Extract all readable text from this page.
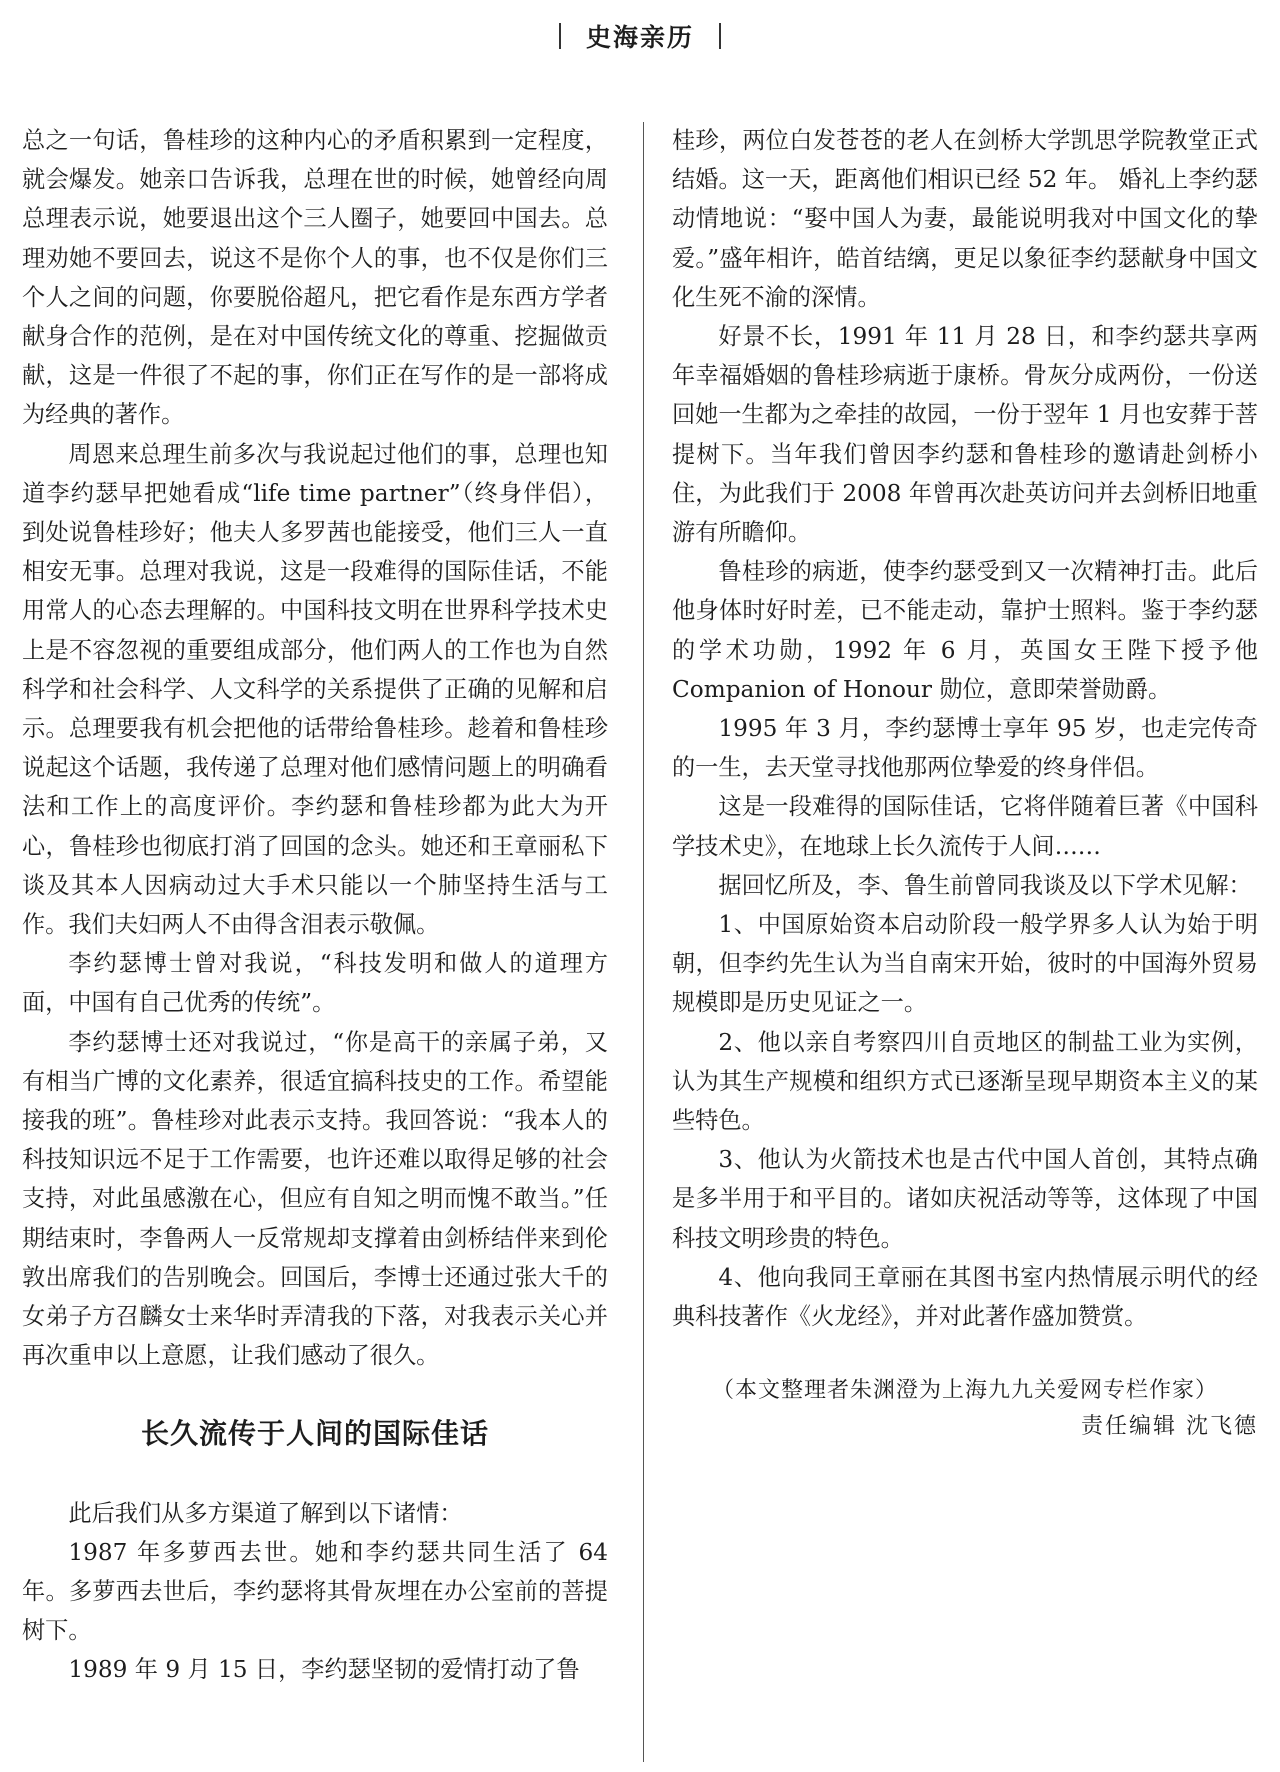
史海亲历

总之一句话，鲁桂珍的这种内心的矛盾积累到一定程度，就会爆发。她亲口告诉我，总理在世的时候，她曾经向周总理表示说，她要退出这个三人圈子，她要回中国去。总理劝她不要回去，说这不是你个人的事，也不仅是你们三个人之间的问题，你要脱俗超凡，把它看作是东西方学者献身合作的范例，是在对中国传统文化的尊重、挖掘做贡献，这是一件很了不起的事，你们正在写作的是一部将成为经典的著作。

周恩来总理生前多次与我说起过他们的事，总理也知道李约瑟早把她看成“life time partner”（终身伴侣），到处说鲁桂珍好；他夫人多罗茜也能接受，他们三人一直相安无事。总理对我说，这是一段难得的国际佳话，不能用常人的心态去理解的。中国科技文明在世界科学技术史上是不容忽视的重要组成部分，他们两人的工作也为自然科学和社会科学、人文科学的关系提供了正确的见解和启示。总理要我有机会把他的话带给鲁桂珍。趁着和鲁桂珍说起这个话题，我传递了总理对他们感情问题上的明确看法和工作上的高度评价。李约瑟和鲁桂珍都为此大为开心，鲁桂珍也彻底打消了回国的念头。她还和王章丽私下谈及其本人因病动过大手术只能以一个肺坚持生活与工作。我们夫妇两人不由得含泪表示敬佩。

李约瑟博士曾对我说，“科技发明和做人的道理方面，中国有自己优秀的传统”。

李约瑟博士还对我说过，“你是高干的亲属子弟，又有相当广博的文化素养，很适宜搞科技史的工作。希望能接我的班”。鲁桂珍对此表示支持。我回答说：“我本人的科技知识远不足于工作需要，也许还难以取得足够的社会支持，对此虽感激在心，但应有自知之明而愧不敢当。”任期结束时，李鲁两人一反常规却支撑着由剑桥结伴来到伦敦出席我们的告别晚会。回国后，李博士还通过张大千的女弟子方召麟女士来华时弄清我的下落，对我表示关心并再次重申以上意愿，让我们感动了很久。

长久流传于人间的国际佳话

此后我们从多方渠道了解到以下诸情：

1987 年多萝西去世。她和李约瑟共同生活了 64 年。多萝西去世后，李约瑟将其骨灰埋在办公室前的菩提树下。

1989 年 9 月 15 日，李约瑟坚韧的爱情打动了鲁

桂珍，两位白发苍苍的老人在剑桥大学凯思学院教堂正式结婚。这一天，距离他们相识已经 52 年。 婚礼上李约瑟动情地说：“娶中国人为妻，最能说明我对中国文化的挚爱。”盛年相许，皓首结缡，更足以象征李约瑟献身中国文化生死不渝的深情。

好景不长，1991 年 11 月 28 日，和李约瑟共享两年幸福婚姻的鲁桂珍病逝于康桥。骨灰分成两份，一份送回她一生都为之牵挂的故园，一份于翌年 1 月也安葬于菩提树下。当年我们曾因李约瑟和鲁桂珍的邀请赴剑桥小住，为此我们于 2008 年曾再次赴英访问并去剑桥旧地重游有所瞻仰。

鲁桂珍的病逝，使李约瑟受到又一次精神打击。此后他身体时好时差，已不能走动，靠护士照料。鉴于李约瑟的学术功勋，1992 年 6 月，英国女王陛下授予他 Companion of Honour 勋位，意即荣誉勋爵。

1995 年 3 月，李约瑟博士享年 95 岁，也走完传奇的一生，去天堂寻找他那两位挚爱的终身伴侣。

这是一段难得的国际佳话，它将伴随着巨著《中国科学技术史》，在地球上长久流传于人间……

据回忆所及，李、鲁生前曾同我谈及以下学术见解：

1、中国原始资本启动阶段一般学界多人认为始于明朝，但李约先生认为当自南宋开始，彼时的中国海外贸易规模即是历史见证之一。

2、他以亲自考察四川自贡地区的制盐工业为实例，认为其生产规模和组织方式已逐渐呈现早期资本主义的某些特色。

3、他认为火箭技术也是古代中国人首创，其特点确是多半用于和平目的。诸如庆祝活动等等，这体现了中国科技文明珍贵的特色。

4、他向我同王章丽在其图书室内热情展示明代的经典科技著作《火龙经》，并对此著作盛加赞赏。

（本文整理者朱渊澄为上海九九关爱网专栏作家）
责任编辑 沈飞德
